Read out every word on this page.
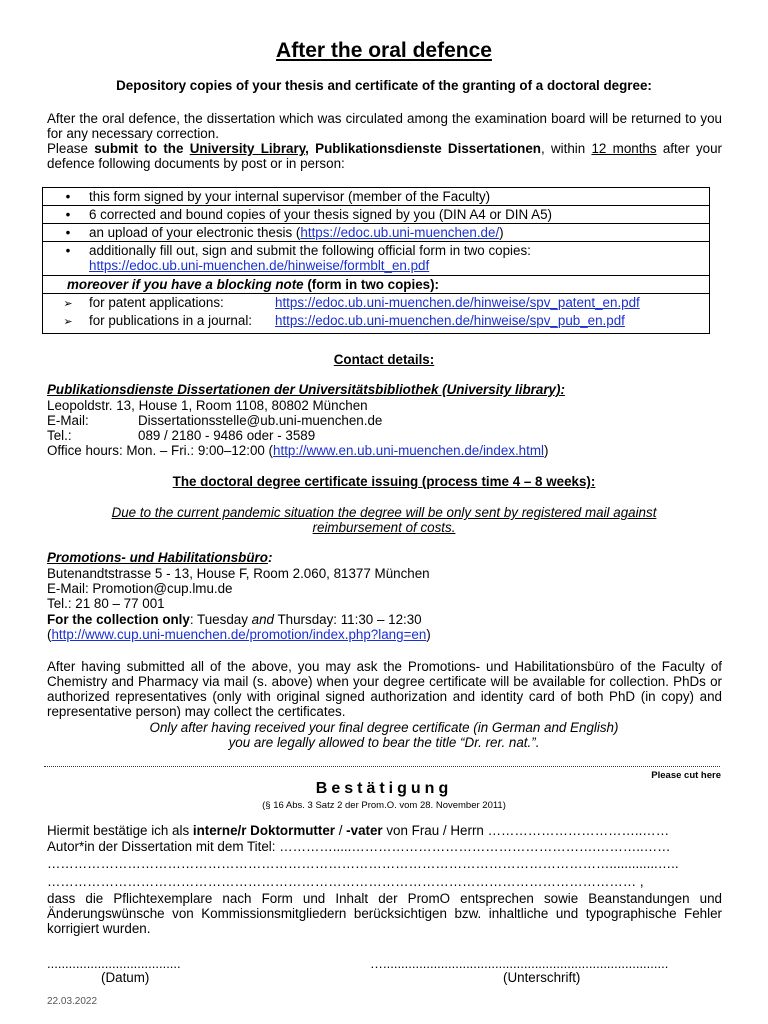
After the oral defence
Depository copies of your thesis and certificate of the granting of a doctoral degree:
After the oral defence, the dissertation which was circulated among the examination board will be returned to you for any necessary correction.
Please submit to the University Library, Publikationsdienste Dissertationen, within 12 months after your defence following documents by post or in person:
• this form signed by your internal supervisor (member of the Faculty)
• 6 corrected and bound copies of your thesis signed by you (DIN A4 or DIN A5)
• an upload of your electronic thesis (https://edoc.ub.uni-muenchen.de/)
• additionally fill out, sign and submit the following official form in two copies:

https://edoc.ub.uni-muenchen.de/hinweise/formblt_en.pdf

moreover if you have a blocking note (form in two copies):
➢ for patent applications:	https://edoc.ub.uni-muenchen.de/hinweise/spv_patent_en.pdf
➢ for publications in a journal: https://edoc.ub.uni-muenchen.de/hinweise/spv_pub_en.pdf
Contact details:
Publikationsdienste Dissertationen der Universitätsbibliothek (University library):
Leopoldstr. 13, House 1, Room 1108, 80802 München
E-Mail:	Dissertationsstelle@ub.uni-muenchen.de
Tel.:	089 / 2180 - 9486 oder - 3589
Office hours: Mon. – Fri.: 9:00–12:00 (http://www.en.ub.uni-muenchen.de/index.html)
The doctoral degree certificate issuing (process time 4 – 8 weeks):
Due to the current pandemic situation the degree will be only sent by registered mail against reimbursement of costs.
Promotions- und Habilitationsbüro:
Butenandtstrasse 5 - 13, House F, Room 2.060, 81377 München
E-Mail: Promotion@cup.lmu.de
Tel.: 21 80 – 77 001
For the collection only: Tuesday and Thursday: 11:30 – 12:30
(http://www.cup.uni-muenchen.de/promotion/index.php?lang=en)
After having submitted all of the above, you may ask the Promotions- und Habilitationsbüro of the Faculty of Chemistry and Pharmacy via mail (s. above) when your degree certificate will be available for collection. PhDs or authorized representatives (only with original signed authorization and identity card of both PhD (in copy) and representative person) may collect the certificates.
Only after having received your final degree certificate (in German and English)
you are legally allowed to bear the title “Dr. rer. nat.”.
Please cut here
Bestätigung
(§ 16 Abs. 3 Satz 2 der Prom.O. vom 28. November 2011)
Hiermit bestätige ich als interne/r Doktormutter / -vater von Frau / Herrn ……………………………..……
Autor*in der Dissertation mit dem Titel: ………….....……………………………………………….………..……
……………………………………………………………………………………………………………….............…..
…………………………………………………………………………………………………………………… ,
dass die Pflichtexemplare nach Form und Inhalt der PromO entsprechen sowie Beanstandungen und Änderungswünsche von Kommissionsmitgliedern berücksichtigen bzw. inhaltliche und typographische Fehler korrigiert wurden.
.....................................	…...............................................................................
(Datum)	(Unterschrift)
22.03.2022
